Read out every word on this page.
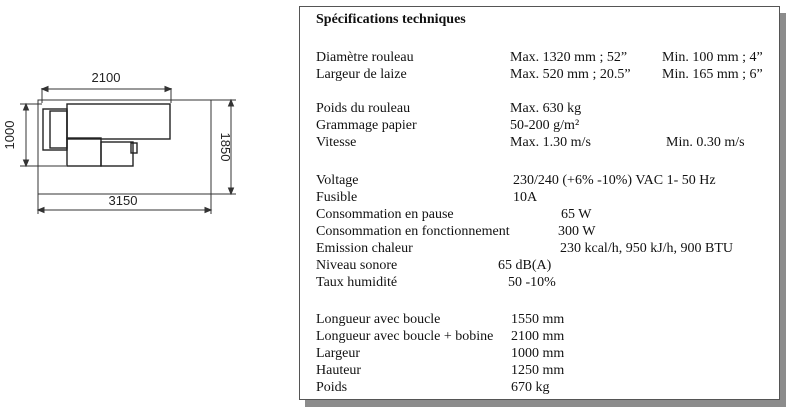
2100
1000	1850
3150
Spécifications techniques
Diamètre rouleau	Max. 1320 mm ; 52” Min. 100 mm ; 4”
Largeur de laize	Max. 520 mm ; 20.5” Min. 165 mm ; 6”
Poids du rouleau	Max. 630 kg
Grammage papier	50-200 g/m²
Vitesse	Max. 1.30 m/s	Min. 0.30 m/s
Voltage	230/240 (+6% -10%) VAC 1- 50 Hz
Fusible	10A
Consommation en pause	65 W
Consommation en fonctionnement	300 W
Emission chaleur	230 kcal/h, 950 kJ/h, 900 BTU
Niveau sonore	65 dB(A)
Taux humidité	50 -10%
Longueur avec boucle	1550 mm
Longueur avec boucle + bobine 2100 mm
Largeur	1000 mm
Hauteur	1250 mm
Poids	670 kg
